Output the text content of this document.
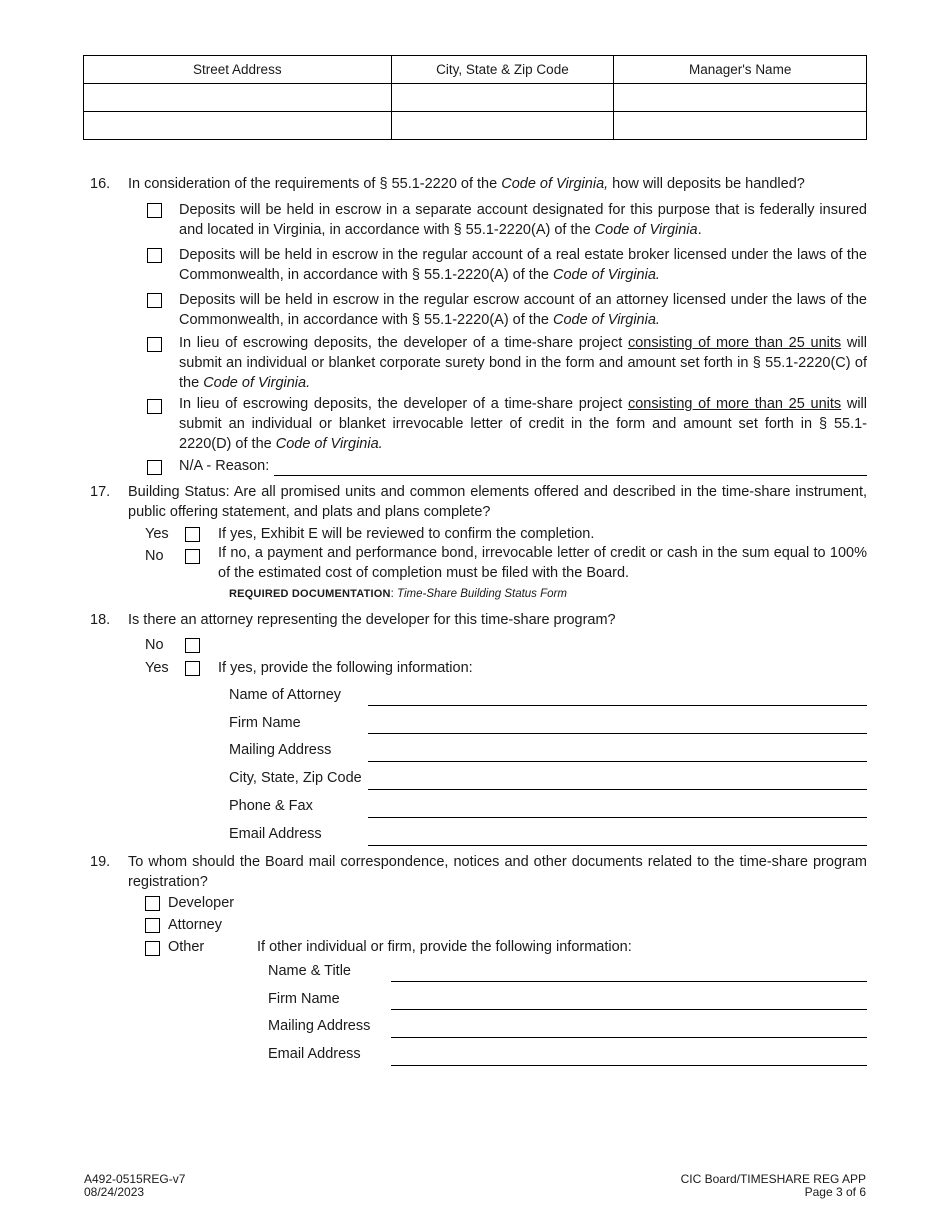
Street Address	City, State & Zip Code	Manager's Name

16. In consideration of the requirements of § 55.1-2220 of the Code of Virginia, how will deposits be handled?
Deposits will be held in escrow in a separate account designated for this purpose that is federally insured and located in Virginia, in accordance with § 55.1-2220(A) of the Code of Virginia.
Deposits will be held in escrow in the regular account of a real estate broker licensed under the laws of the Commonwealth, in accordance with § 55.1-2220(A) of the Code of Virginia.
Deposits will be held in escrow in the regular escrow account of an attorney licensed under the laws of the Commonwealth, in accordance with § 55.1-2220(A) of the Code of Virginia.
In lieu of escrowing deposits, the developer of a time-share project consisting of more than 25 units will submit an individual or blanket corporate surety bond in the form and amount set forth in § 55.1-2220(C) of the Code of Virginia.
In lieu of escrowing deposits, the developer of a time-share project consisting of more than 25 units will submit an individual or blanket irrevocable letter of credit in the form and amount set forth in § 55.1-2220(D) of the Code of Virginia.
N/A - Reason:
17. Building Status: Are all promised units and common elements offered and described in the time-share instrument, public offering statement, and plats and plans complete?
Yes	If yes, Exhibit E will be reviewed to confirm the completion.
No	If no, a payment and performance bond, irrevocable letter of credit or cash in the sum equal to 100% of the estimated cost of completion must be filed with the Board.
REQUIRED DOCUMENTATION: Time-Share Building Status Form
18. Is there an attorney representing the developer for this time-share program?
No
Yes	If yes, provide the following information:
Name of Attorney
Firm Name
Mailing Address
City, State, Zip Code
Phone & Fax
Email Address
19. To whom should the Board mail correspondence, notices and other documents related to the time-share program registration?
Developer
Attorney
Other	If other individual or firm, provide the following information:
Name & Title
Firm Name
Mailing Address
Email Address
A492-0515REG-v7
08/24/2023
CIC Board/TIMESHARE REG APP
Page 3 of 6
